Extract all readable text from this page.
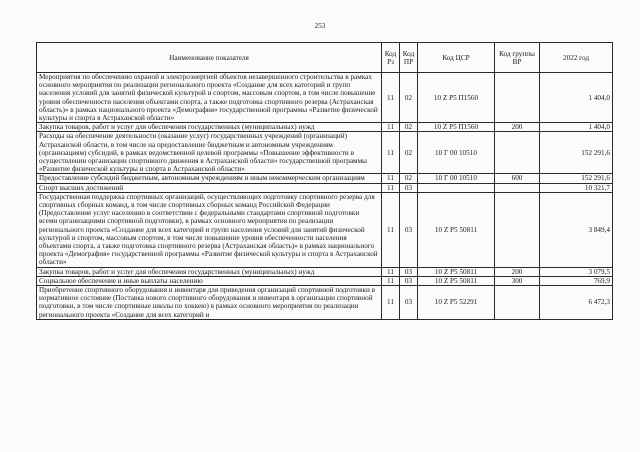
253
Наименование показателя	Код Рз	Код ПР	Код ЦСР	Код группы ВР	2022 год
Мероприятия по обеспечению охраной и электроэнергией объектов незавершенного строительства в рамках основного мероприятия по реализации регионального проекта «Создание для всех категорий и групп населения условий для занятий физической культурой и спортом, массовым спортом, в том числе повышение уровня обеспеченности населения объектами спорта, а также подготовка спортивного резерва (Астраханская область)» в рамках национального проекта «Демография» государственной программы «Развитие физической культуры и спорта в Астраханской области»	11	02	10 Z P5 П1560		1 404,0
Закупка товаров, работ и услуг для обеспечения государственных (муниципальных) нужд	11	02	10 Z P5 П1560	200	1 404,0
Расходы на обеспечение деятельности (оказание услуг) государственных учреждений (организаций) Астраханской области, в том числе на предоставление бюджетным и автономным учреждениям (организациям) субсидий, в рамках ведомственной целевой программы «Повышение эффективности в осуществлении организации спортивного движения в Астраханской области» государственной программы «Развитие физической культуры и спорта в Астраханской области»	11	02	10 Г 00 10510		152 291,6
Предоставление субсидий бюджетным, автономным учреждениям и иным некоммерческим организациям	11	02	10 Г 00 10510	600	152 291,6
Спорт высших достижений	11	03			10 321,7
Государственная поддержка спортивных организаций, осуществляющих подготовку спортивного резерва для спортивных сборных команд, в том числе спортивных сборных команд Российской Федерации (Предоставление услуг населению в соответствии с федеральными стандартами спортивной подготовки всеми организациями спортивной подготовки), в рамках основного мероприятия по реализации регионального проекта «Создание для всех категорий и групп населения условий для занятий физической культурой и спортом, массовым спортом, в том числе повышение уровня обеспеченности населения объектами спорта, а также подготовка спортивного резерва (Астраханская область)» в рамках национального проекта «Демография» государственной программы «Развитие физической культуры и спорта в Астраханской области»	11	03	10 Z P5 50811		3 849,4
Закупка товаров, работ и услуг для обеспечения государственных (муниципальных) нужд	11	03	10 Z P5 50811	200	3 079,5
Социальное обеспечение и иные выплаты населению	11	03	10 Z P5 50811	300	769,9
Приобретение спортивного оборудования и инвентаря для приведения организаций спортивной подготовки в нормативное состояние (Поставка нового спортивного оборудования и инвентаря в организации спортивной подготовки, в том числе спортивные школы по хоккею) в рамках основного мероприятия по реализации регионального проекта «Создание для всех категорий и	11	03	10 Z P5 52291		6 472,3
